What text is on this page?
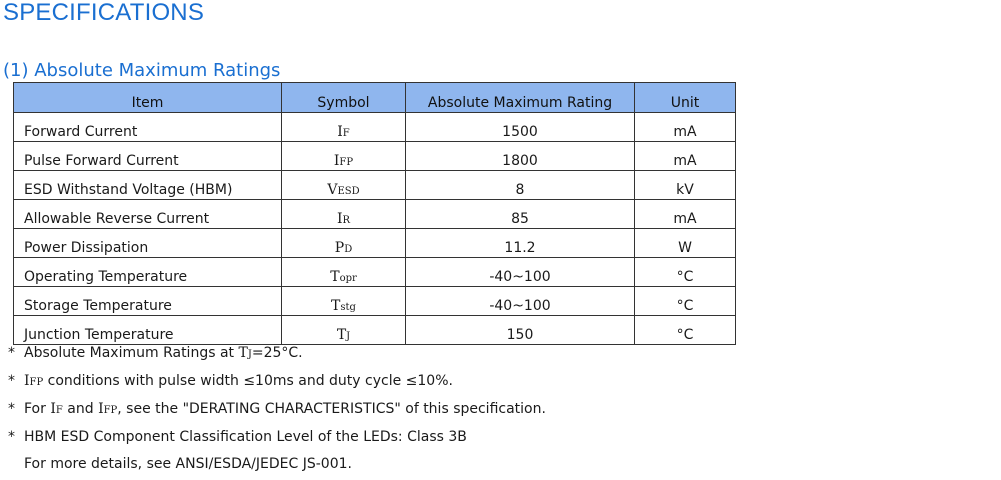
SPECIFICATIONS
(1) Absolute Maximum Ratings
Item	Symbol	Absolute Maximum Rating	Unit
Forward Current	IF	1500	mA
Pulse Forward Current	IFP	1800	mA
ESD Withstand Voltage (HBM)	VESD	8	kV
Allowable Reverse Current	IR	85	mA
Power Dissipation	PD	11.2	W
Operating Temperature	Topr	-40~100	°C
Storage Temperature	Tstg	-40~100	°C
Junction Temperature	TJ	150	°C
* Absolute Maximum Ratings at TJ=25°C.
* IFP conditions with pulse width ≤10ms and duty cycle ≤10%.
* For IF and IFP, see the "DERATING CHARACTERISTICS" of this specification.
* HBM ESD Component Classification Level of the LEDs: Class 3B
For more details, see ANSI/ESDA/JEDEC JS-001.
